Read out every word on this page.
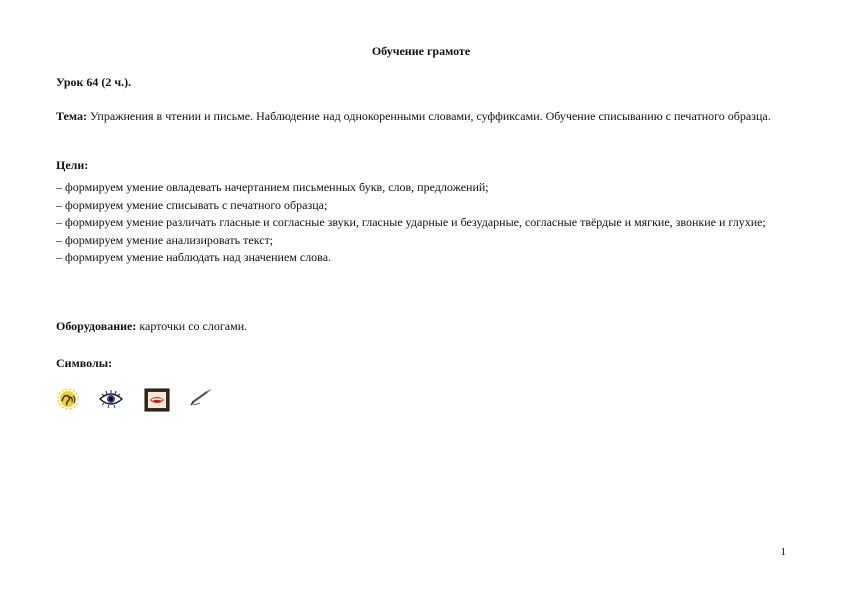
Обучение грамоте
Урок 64 (2 ч.).
Тема: Упражнения в чтении и письме. Наблюдение над однокоренными словами, суффиксами. Обучение списыванию с печатного образца.
Цели:
– формируем умение овладевать начертанием письменных букв, слов, предложений;
– формируем умение списывать с печатного образца;
– формируем умение различать гласные и согласные звуки, гласные ударные и безударные, согласные твёрдые и мягкие, звонкие и глухие;
– формируем умение анализировать текст;
– формируем умение наблюдать над значением слова.
Оборудование: карточки со слогами.
Символы:
1
